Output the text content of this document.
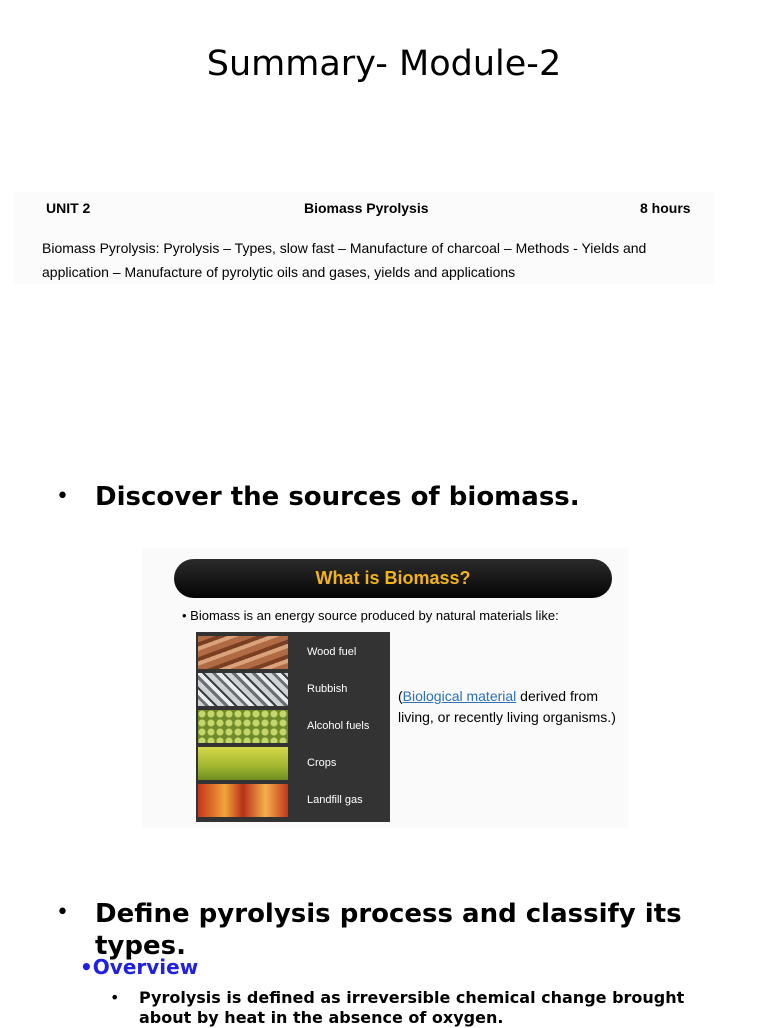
Summary- Module-2
UNIT 2	Biomass Pyrolysis	8 hours
Biomass Pyrolysis: Pyrolysis – Types, slow fast – Manufacture of charcoal – Methods - Yields and application – Manufacture of pyrolytic oils and gases, yields and applications
• Discover the sources of biomass.
What is Biomass?
• Biomass is an energy source produced by natural materials like:
Wood fuel
Rubbish
Alcohol fuels
Crops
Landfill gas
(Biological material derived from living, or recently living organisms.)
• Define pyrolysis process and classify its types.
•Overview
• Pyrolysis is defined as irreversible chemical change brought about by heat in the absence of oxygen.
